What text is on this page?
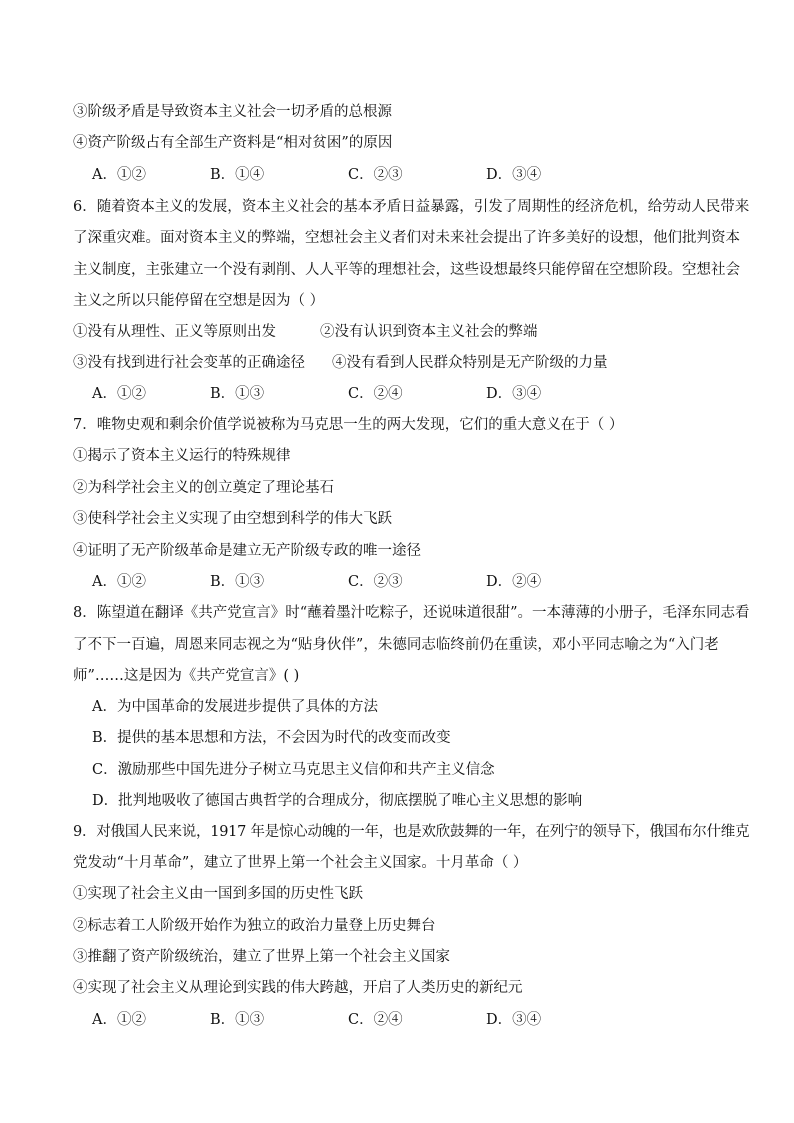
③阶级矛盾是导致资本主义社会一切矛盾的总根源
④资产阶级占有全部生产资料是“相对贫困”的原因
A．①②	B．①④	C．②③	D．③④
6．随着资本主义的发展，资本主义社会的基本矛盾日益暴露，引发了周期性的经济危机，给劳动人民带来
了深重灾难。面对资本主义的弊端，空想社会主义者们对未来社会提出了许多美好的设想，他们批判资本
主义制度，主张建立一个没有剥削、人人平等的理想社会，这些设想最终只能停留在空想阶段。空想社会
主义之所以只能停留在空想是因为（ ）
①没有从理性、正义等原则出发	②没有认识到资本主义社会的弊端
③没有找到进行社会变革的正确途径 ④没有看到人民群众特别是无产阶级的力量
A．①②	B．①③	C．②④	D．③④
7．唯物史观和剩余价值学说被称为马克思一生的两大发现，它们的重大意义在于（ ）
①揭示了资本主义运行的特殊规律
②为科学社会主义的创立奠定了理论基石
③使科学社会主义实现了由空想到科学的伟大飞跃
④证明了无产阶级革命是建立无产阶级专政的唯一途径
A．①②	B．①③	C．②③	D．②④
8．陈望道在翻译《共产党宣言》时“蘸着墨汁吃粽子，还说味道很甜”。一本薄薄的小册子，毛泽东同志看
了不下一百遍，周恩来同志视之为“贴身伙伴”，朱德同志临终前仍在重读，邓小平同志喻之为“入门老
师”……这是因为《共产党宣言》( )
A．为中国革命的发展进步提供了具体的方法
B．提供的基本思想和方法，不会因为时代的改变而改变
C．激励那些中国先进分子树立马克思主义信仰和共产主义信念
D．批判地吸收了德国古典哲学的合理成分，彻底摆脱了唯心主义思想的影响
9．对俄国人民来说，1917 年是惊心动魄的一年，也是欢欣鼓舞的一年，在列宁的领导下，俄国布尔什维克
党发动“十月革命”，建立了世界上第一个社会主义国家。十月革命（ ）
①实现了社会主义由一国到多国的历史性飞跃
②标志着工人阶级开始作为独立的政治力量登上历史舞台
③推翻了资产阶级统治，建立了世界上第一个社会主义国家
④实现了社会主义从理论到实践的伟大跨越，开启了人类历史的新纪元
A．①②	B．①③	C．②④	D．③④
